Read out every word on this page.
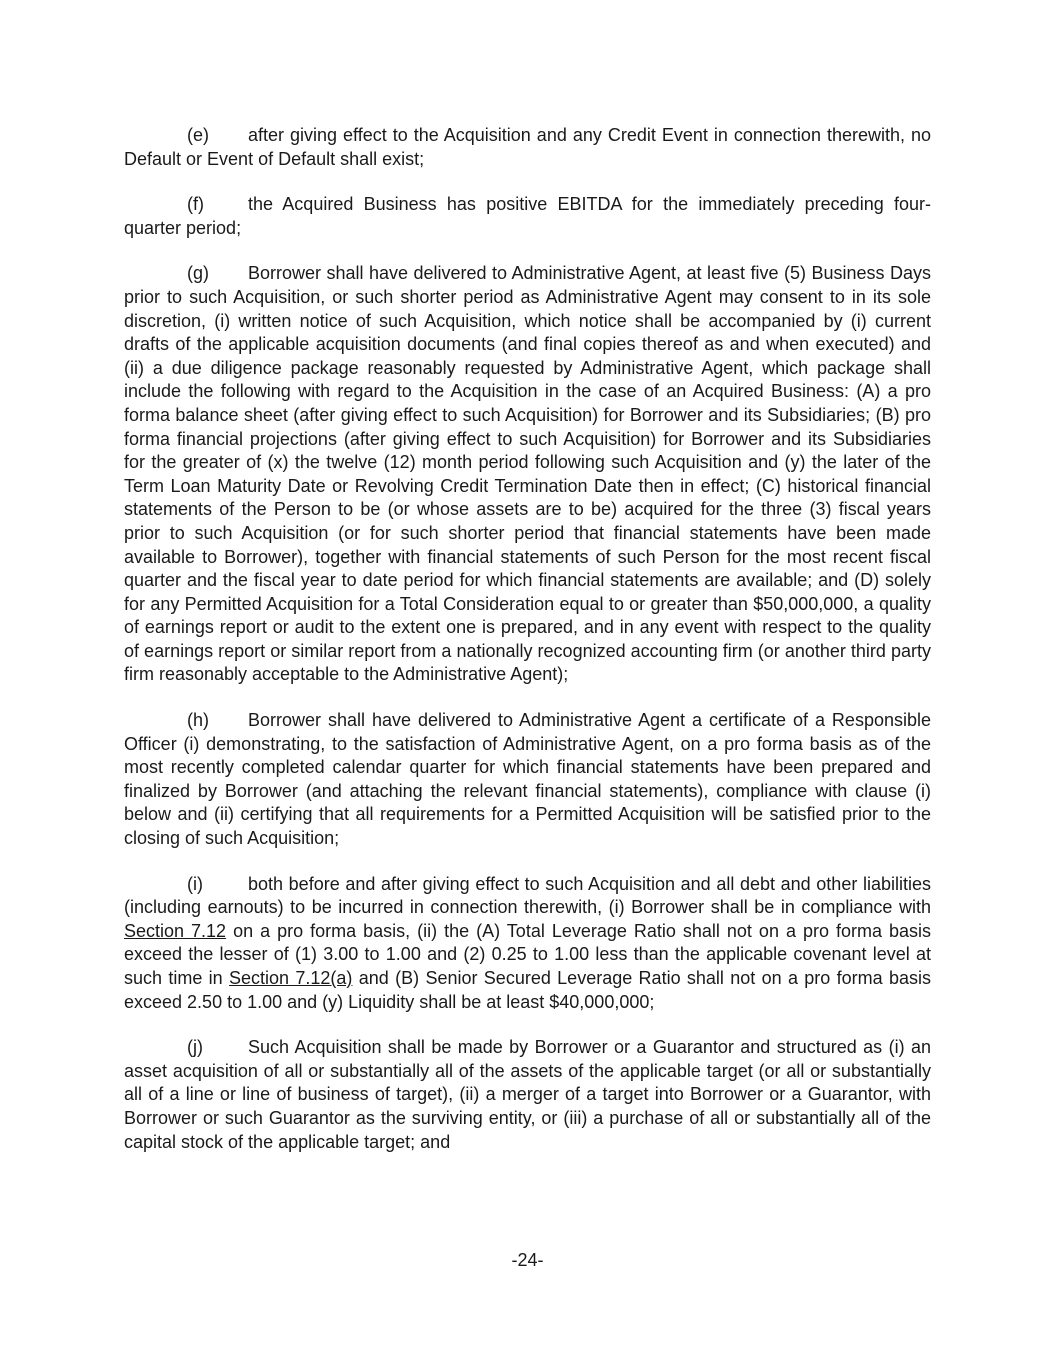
(e) after giving effect to the Acquisition and any Credit Event in connection therewith, no Default or Event of Default shall exist;

(f) the Acquired Business has positive EBITDA for the immediately preceding four-quarter period;

(g) Borrower shall have delivered to Administrative Agent, at least five (5) Business Days prior to such Acquisition, or such shorter period as Administrative Agent may consent to in its sole discretion, (i) written notice of such Acquisition, which notice shall be accompanied by (i) current drafts of the applicable acquisition documents (and final copies thereof as and when executed) and (ii) a due diligence package reasonably requested by Administrative Agent, which package shall include the following with regard to the Acquisition in the case of an Acquired Business: (A) a pro forma balance sheet (after giving effect to such Acquisition) for Borrower and its Subsidiaries; (B) pro forma financial projections (after giving effect to such Acquisition) for Borrower and its Subsidiaries for the greater of (x) the twelve (12) month period following such Acquisition and (y) the later of the Term Loan Maturity Date or Revolving Credit Termination Date then in effect; (C) historical financial statements of the Person to be (or whose assets are to be) acquired for the three (3) fiscal years prior to such Acquisition (or for such shorter period that financial statements have been made available to Borrower), together with financial statements of such Person for the most recent fiscal quarter and the fiscal year to date period for which financial statements are available; and (D) solely for any Permitted Acquisition for a Total Consideration equal to or greater than $50,000,000, a quality of earnings report or audit to the extent one is prepared, and in any event with respect to the quality of earnings report or similar report from a nationally recognized accounting firm (or another third party firm reasonably acceptable to the Administrative Agent);

(h) Borrower shall have delivered to Administrative Agent a certificate of a Responsible Officer (i) demonstrating, to the satisfaction of Administrative Agent, on a pro forma basis as of the most recently completed calendar quarter for which financial statements have been prepared and finalized by Borrower (and attaching the relevant financial statements), compliance with clause (i) below and (ii) certifying that all requirements for a Permitted Acquisition will be satisfied prior to the closing of such Acquisition;

(i)	both before and after giving effect to such Acquisition and all debt and other liabilities (including earnouts) to be incurred in connection therewith, (i) Borrower shall be in compliance with Section 7.12 on a pro forma basis, (ii) the (A) Total Leverage Ratio shall not on a pro forma basis exceed the lesser of (1) 3.00 to 1.00 and (2) 0.25 to 1.00 less than the applicable covenant level at such time in Section 7.12(a) and (B) Senior Secured Leverage Ratio shall not on a pro forma basis exceed 2.50 to 1.00 and (y) Liquidity shall be at least $40,000,000;

(j)	Such Acquisition shall be made by Borrower or a Guarantor and structured as (i) an asset acquisition of all or substantially all of the assets of the applicable target (or all or substantially all of a line or line of business of target), (ii) a merger of a target into Borrower or a Guarantor, with Borrower or such Guarantor as the surviving entity, or (iii) a purchase of all or substantially all of the capital stock of the applicable target; and

-24-
